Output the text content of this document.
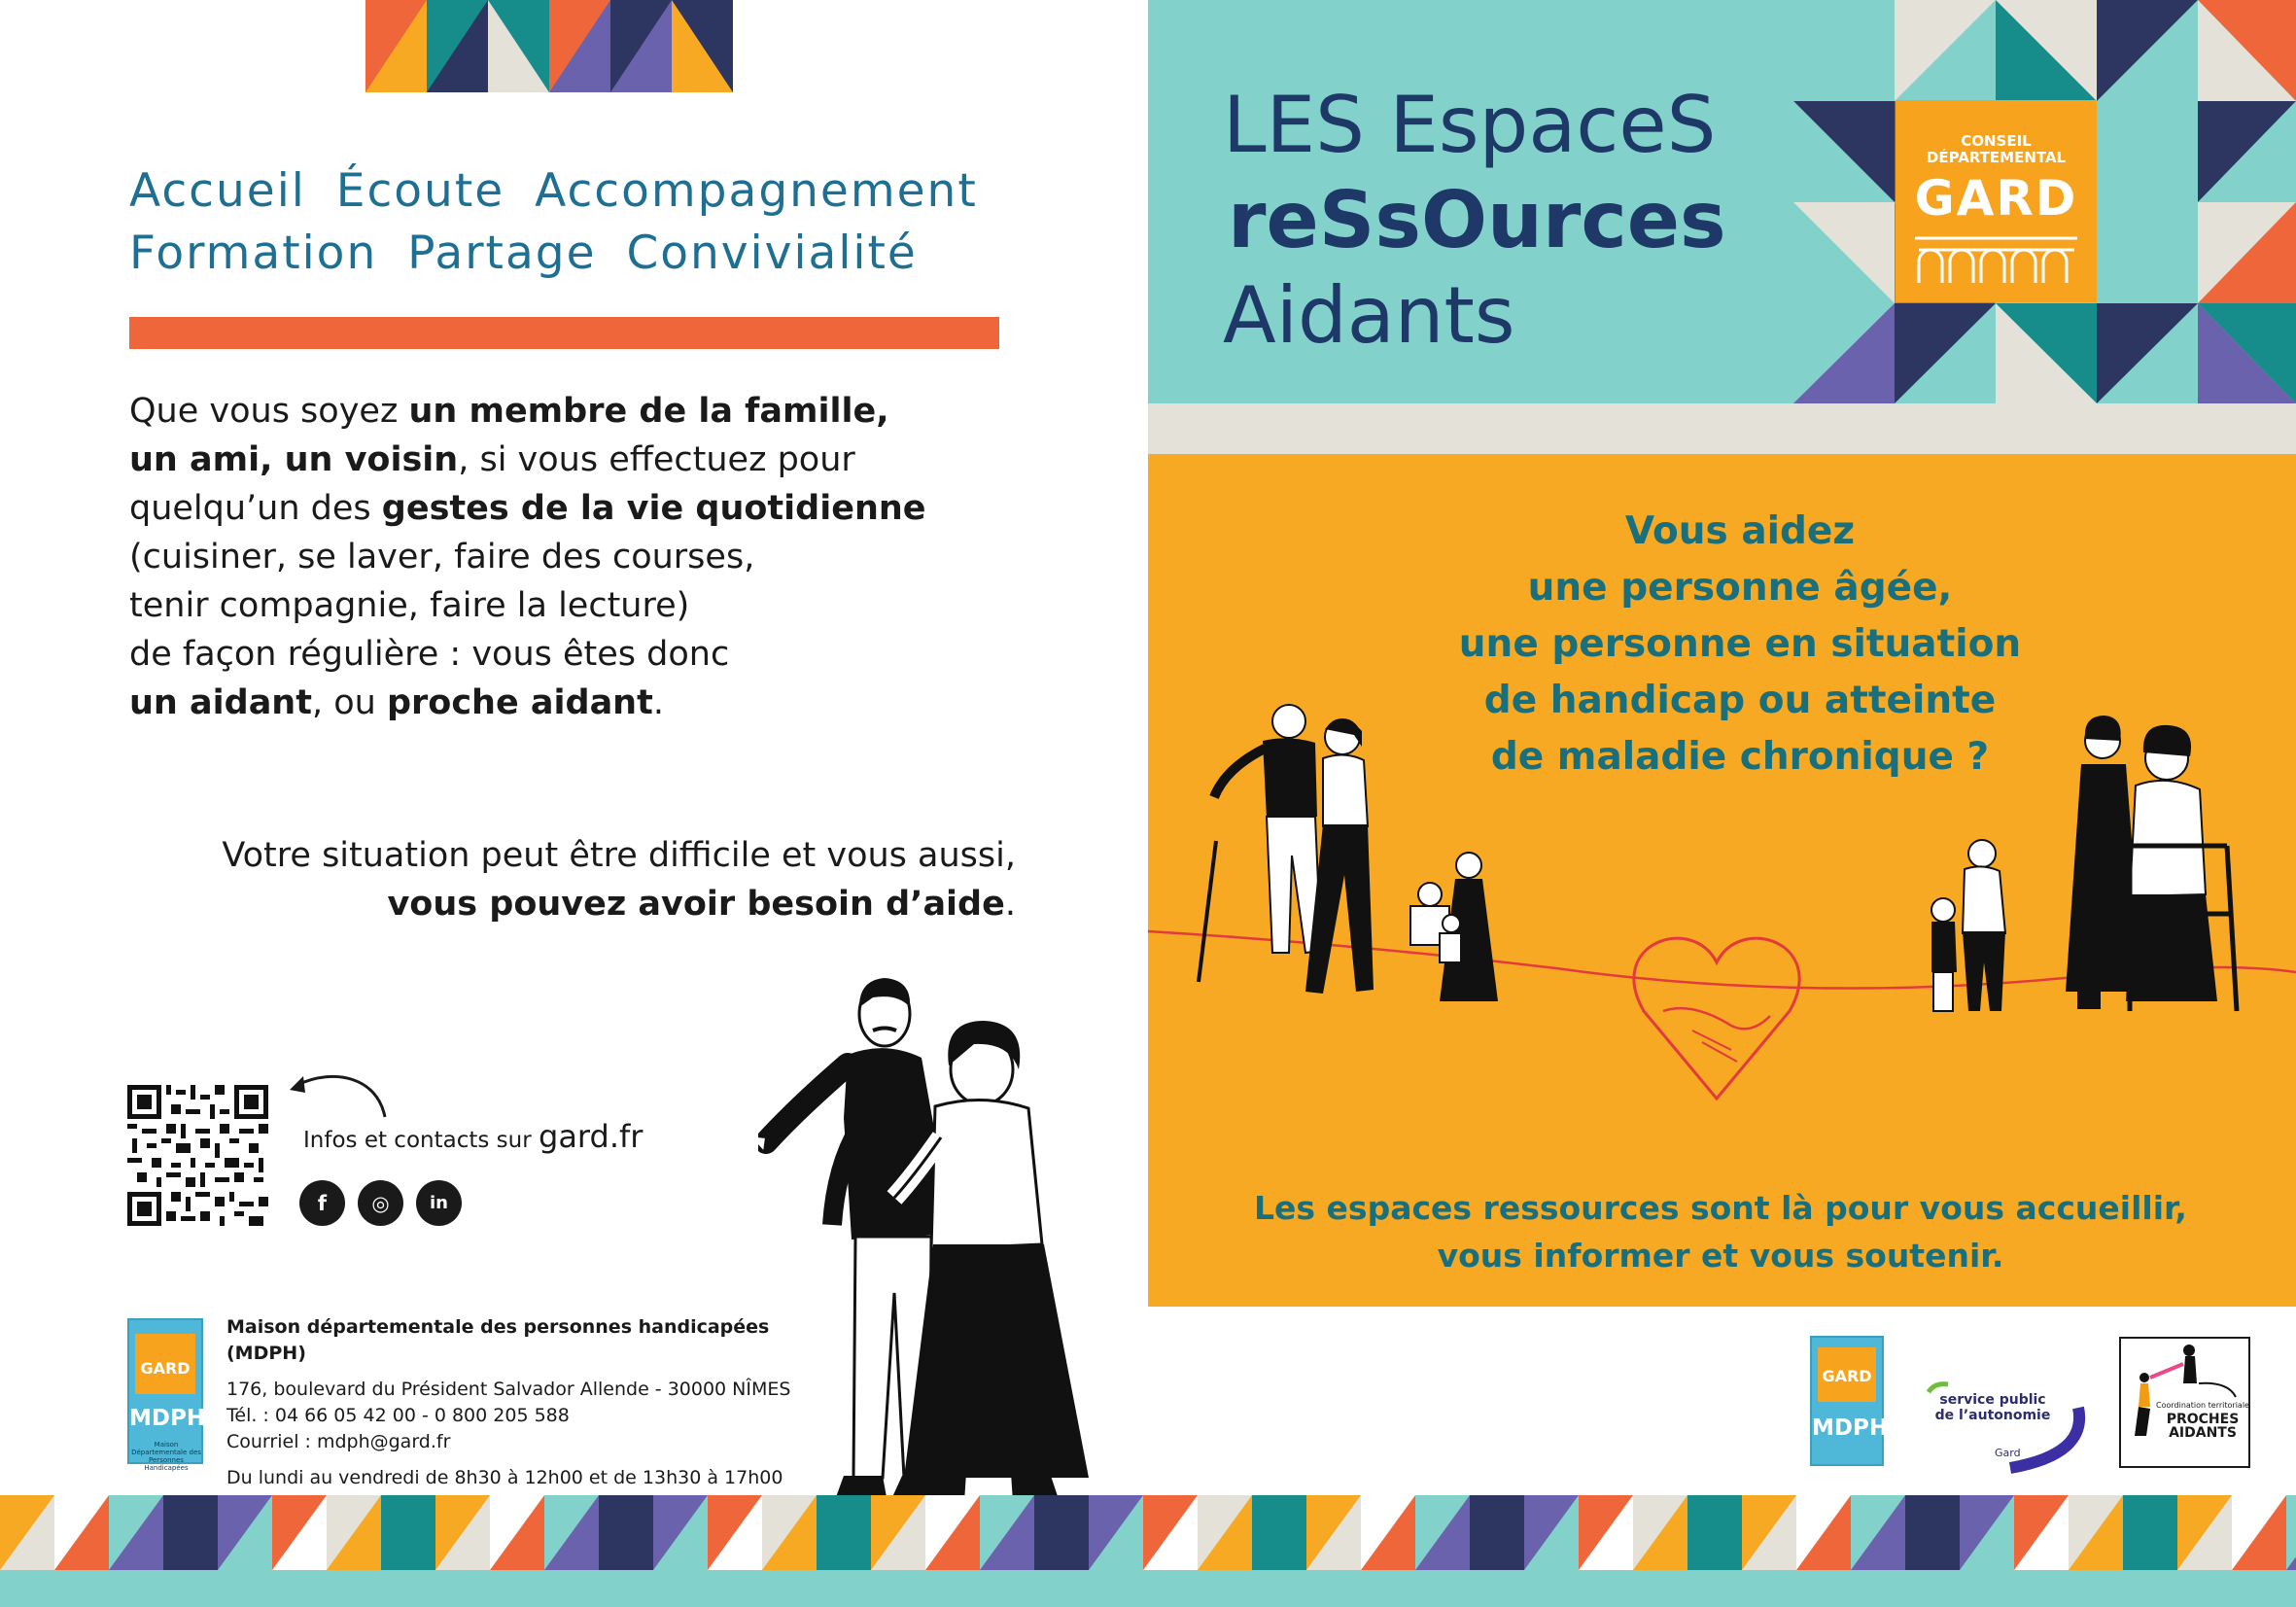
Accueil Écoute Accompagnement
Formation Partage Convivialité
Que vous soyez un membre de la famille,
un ami, un voisin, si vous effectuez pour
quelqu’un des gestes de la vie quotidienne
(cuisiner, se laver, faire des courses,
tenir compagnie, faire la lecture)
de façon régulière : vous êtes donc
un aidant, ou proche aidant.
Votre situation peut être difficile et vous aussi,
vous pouvez avoir besoin d’aide.
Infos et contacts sur gard.fr
f ◎ in
GARD
MDPH
Maison Départementale des Personnes Handicapées
Maison départementale des personnes handicapées (MDPH)
176, boulevard du Président Salvador Allende - 30000 NÎMES
Tél. : 04 66 05 42 00 - 0 800 205 588
Courriel : mdph@gard.fr
Du lundi au vendredi de 8h30 à 12h00 et de 13h30 à 17h00
CONSEIL
DÉPARTEMENTAL
GARD
LES EspaceS
reSsOurces
Aidants
Vous aidez
une personne âgée,
une personne en situation
de handicap ou atteinte
de maladie chronique ?
Les espaces ressources sont là pour vous accueillir,
vous informer et vous soutenir.
GARD
MDPH
service public
de l’autonomie
Gard
Coordination territoriale
PROCHES
AIDANTS
